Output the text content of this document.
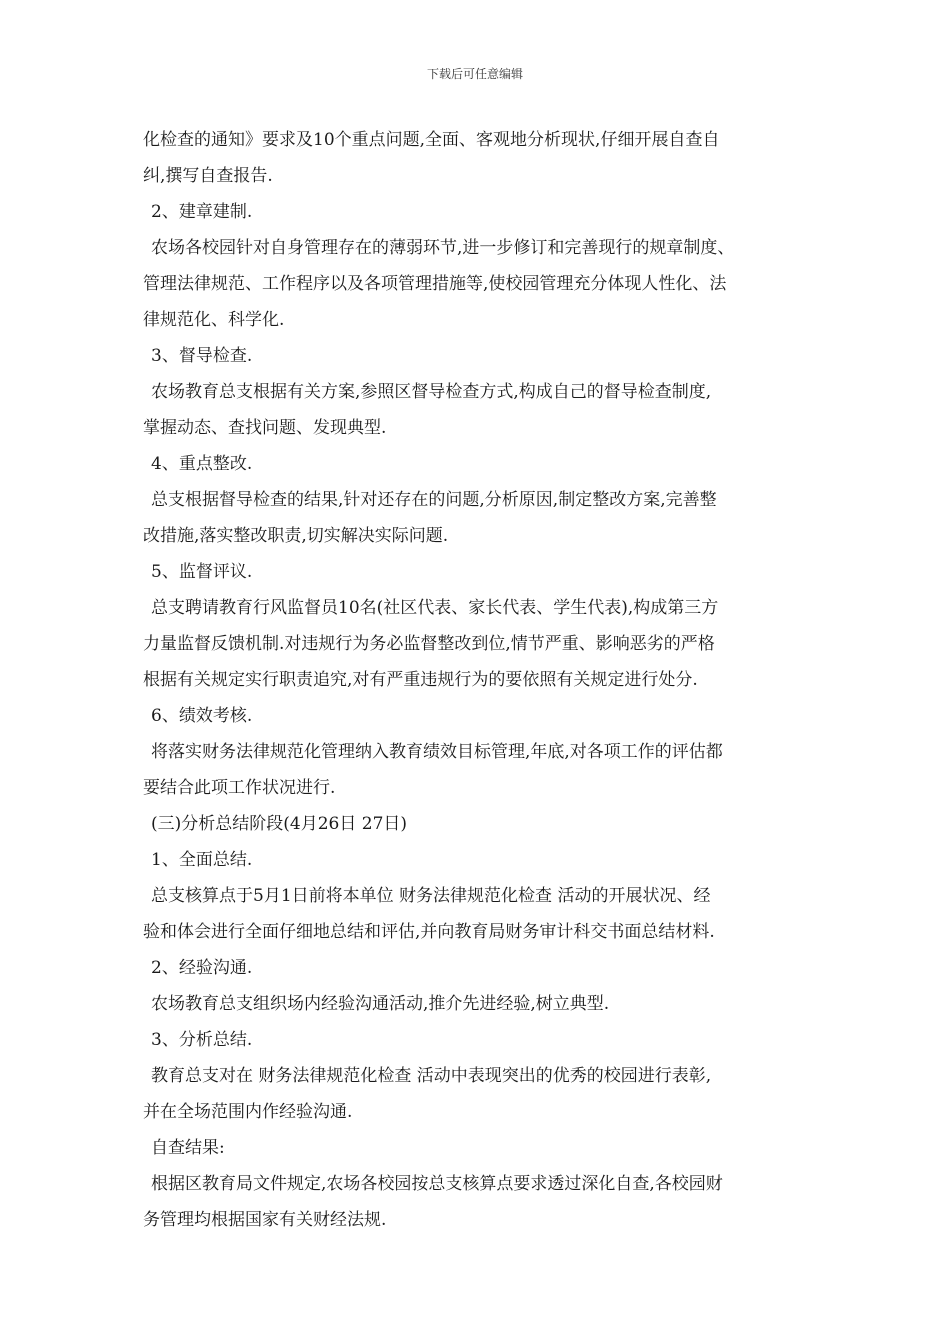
下载后可任意编辑
化检查的通知》要求及10个重点问题,全面、客观地分析现状,仔细开展自查自
纠,撰写自查报告.
2、建章建制.
农场各校园针对自身管理存在的薄弱环节,进一步修订和完善现行的规章制度、
管理法律规范、工作程序以及各项管理措施等,使校园管理充分体现人性化、法
律规范化、科学化.
3、督导检查.
农场教育总支根据有关方案,参照区督导检查方式,构成自己的督导检查制度,
掌握动态、查找问题、发现典型.
4、重点整改.
总支根据督导检查的结果,针对还存在的问题,分析原因,制定整改方案,完善整
改措施,落实整改职责,切实解决实际问题.
5、监督评议.
总支聘请教育行风监督员10名(社区代表、家长代表、学生代表),构成第三方
力量监督反馈机制.对违规行为务必监督整改到位,情节严重、影响恶劣的严格
根据有关规定实行职责追究,对有严重违规行为的要依照有关规定进行处分.
6、绩效考核.
将落实财务法律规范化管理纳入教育绩效目标管理,年底,对各项工作的评估都
要结合此项工作状况进行.
(三)分析总结阶段(4月26日 27日)
1、全面总结.
总支核算点于5月1日前将本单位 财务法律规范化检查 活动的开展状况、经
验和体会进行全面仔细地总结和评估,并向教育局财务审计科交书面总结材料.
2、经验沟通.
农场教育总支组织场内经验沟通活动,推介先进经验,树立典型.
3、分析总结.
教育总支对在 财务法律规范化检查 活动中表现突出的优秀的校园进行表彰,
并在全场范围内作经验沟通.
自查结果:
根据区教育局文件规定,农场各校园按总支核算点要求透过深化自查,各校园财
务管理均根据国家有关财经法规.
